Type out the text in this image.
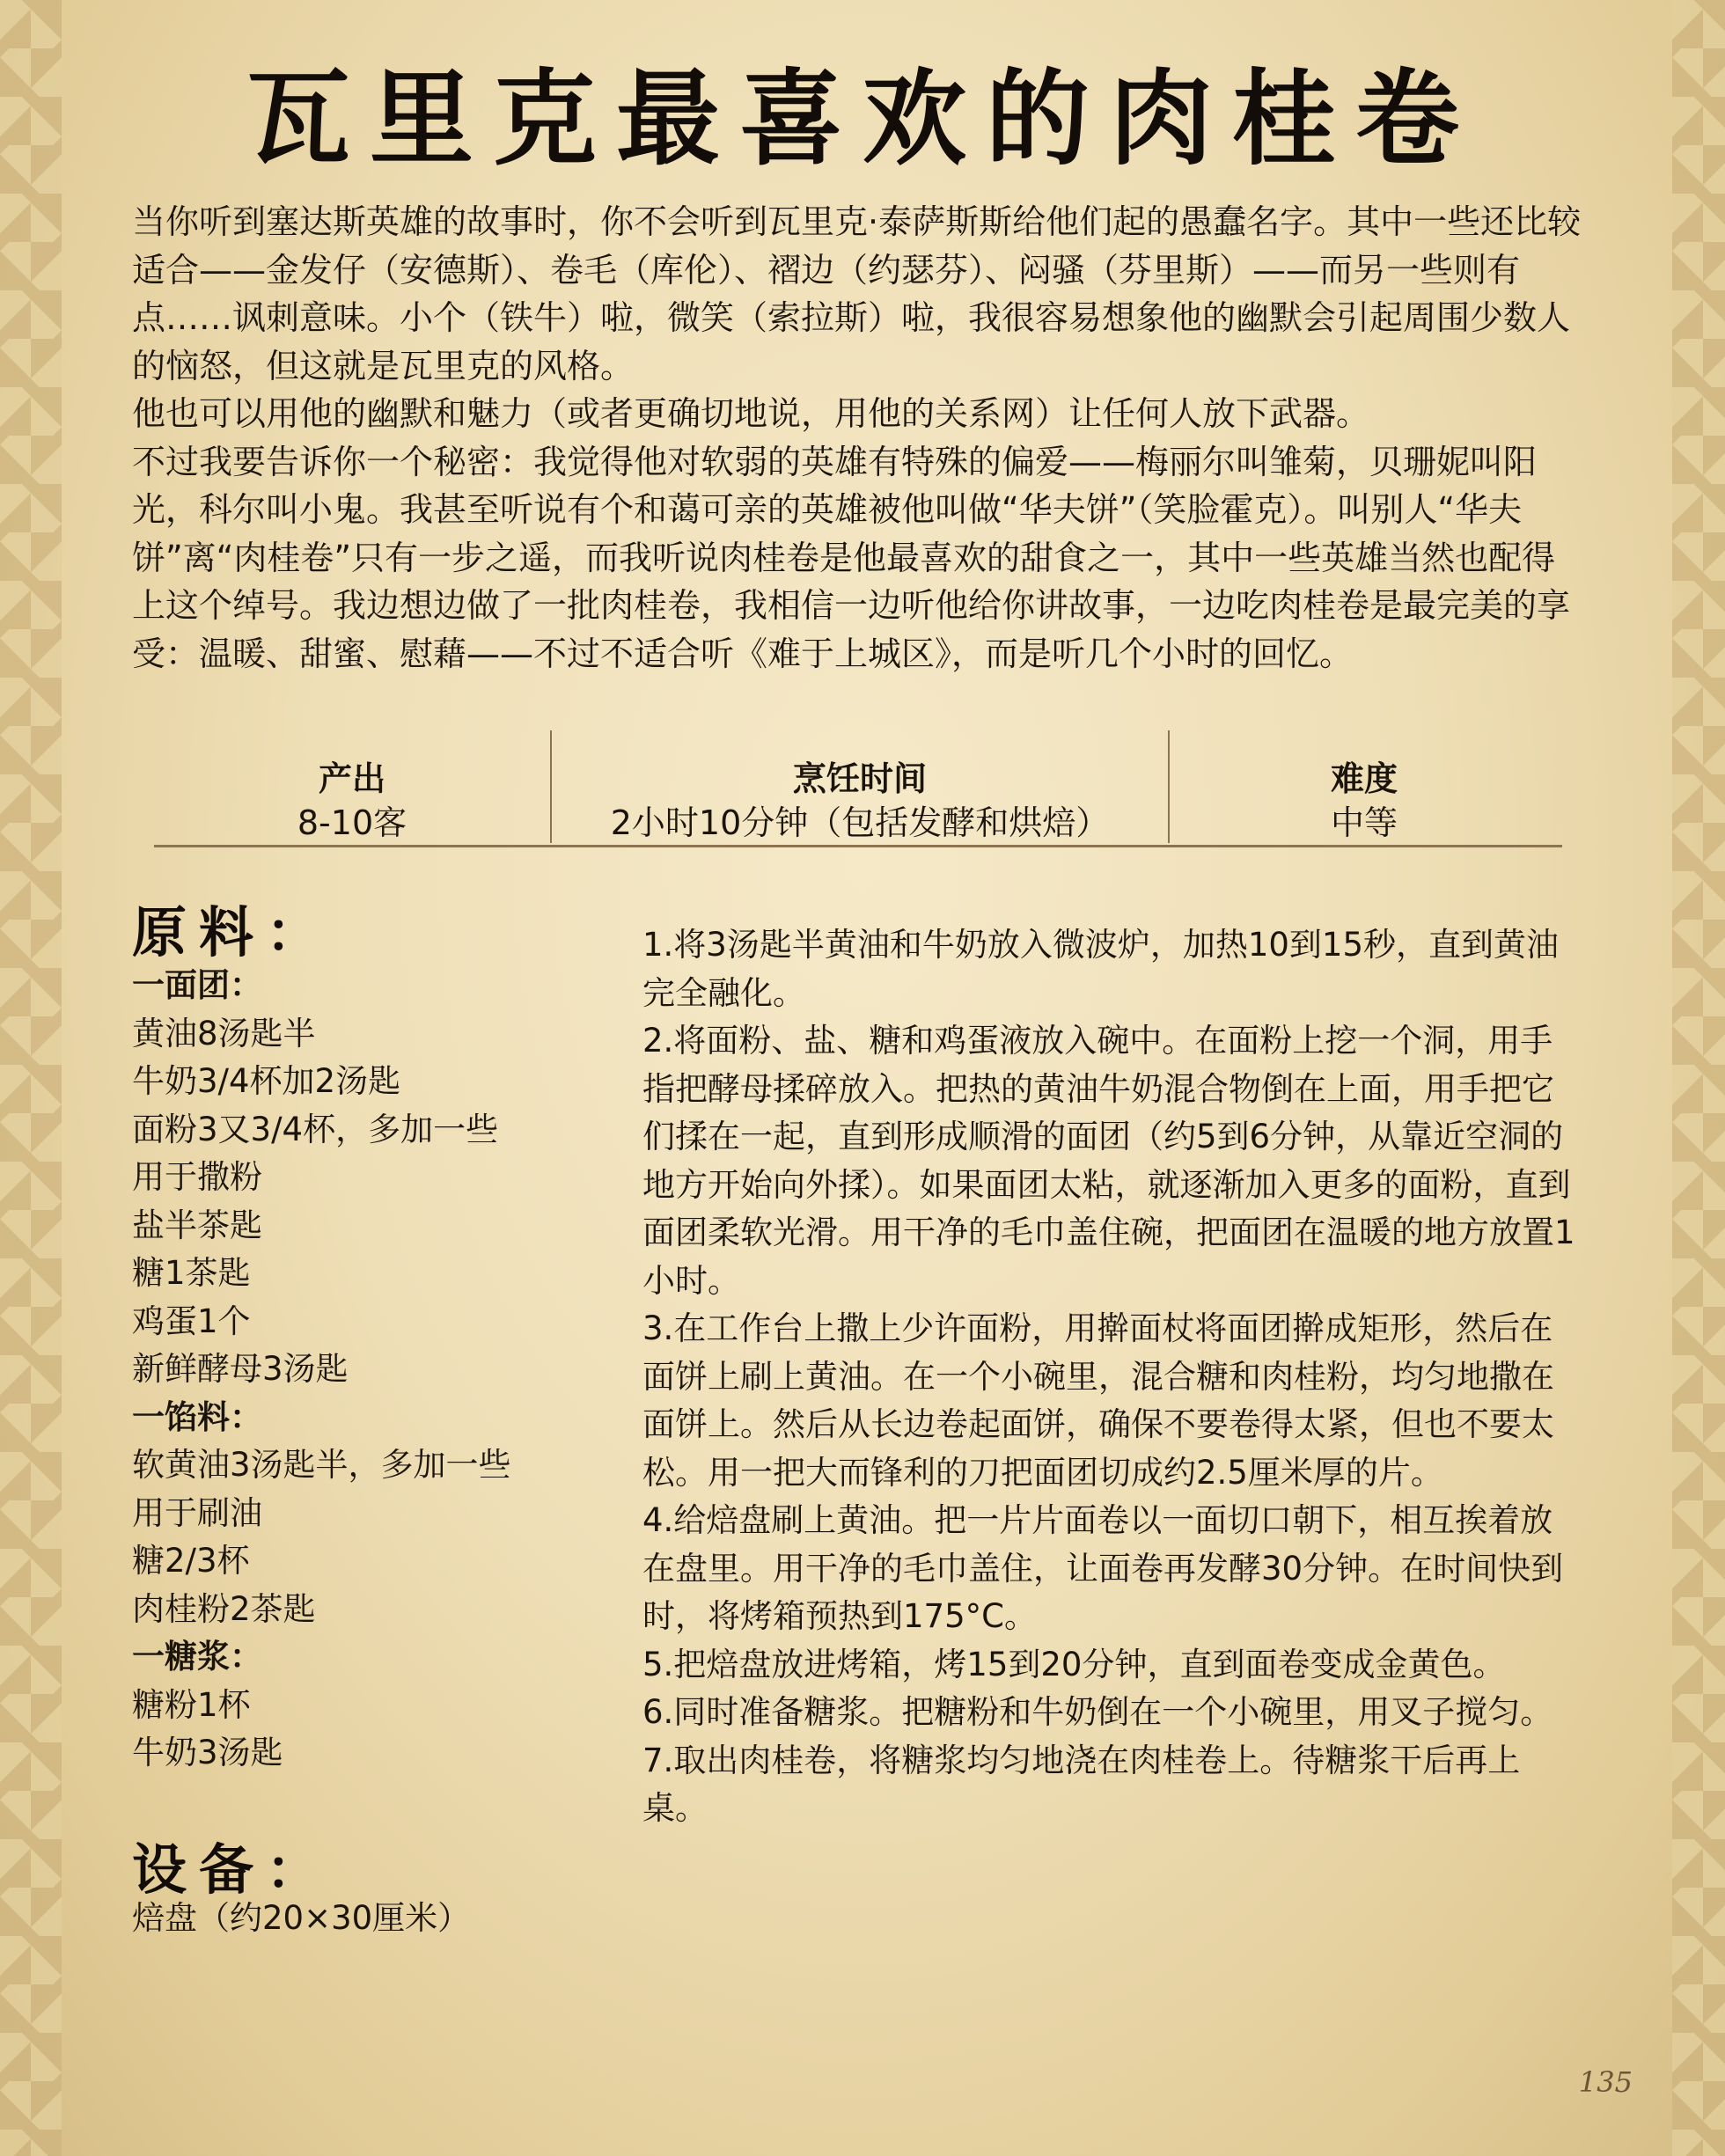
瓦里克最喜欢的肉桂卷

当你听到塞达斯英雄的故事时，你不会听到瓦里克·泰萨斯斯给他们起的愚蠢名字。其中一些还比较适合——金发仔（安德斯）、卷毛（库伦）、褶边（约瑟芬）、闷骚（芬里斯）——而另一些则有点……讽刺意味。小个（铁牛）啦，微笑（索拉斯）啦，我很容易想象他的幽默会引起周围少数人的恼怒，但这就是瓦里克的风格。

他也可以用他的幽默和魅力（或者更确切地说，用他的关系网）让任何人放下武器。

不过我要告诉你一个秘密：我觉得他对软弱的英雄有特殊的偏爱——梅丽尔叫雏菊，贝珊妮叫阳光，科尔叫小鬼。我甚至听说有个和蔼可亲的英雄被他叫做“华夫饼”（笑脸霍克）。叫别人“华夫饼”离“肉桂卷”只有一步之遥，而我听说肉桂卷是他最喜欢的甜食之一，其中一些英雄当然也配得上这个绰号。我边想边做了一批肉桂卷，我相信一边听他给你讲故事，一边吃肉桂卷是最完美的享受：温暖、甜蜜、慰藉——不过不适合听《难于上城区》，而是听几个小时的回忆。

产出
8-10客
烹饪时间
2小时10分钟（包括发酵和烘焙）
难度
中等
原料：
一面团：
黄油8汤匙半
牛奶3/4杯加2汤匙
面粉3又3/4杯，多加一些
用于撒粉
盐半茶匙
糖1茶匙
鸡蛋1个
新鲜酵母3汤匙
一馅料：
软黄油3汤匙半，多加一些
用于刷油
糖2/3杯
肉桂粉2茶匙
一糖浆：
糖粉1杯
牛奶3汤匙
设备：
焙盘（约20×30厘米）
1.将3汤匙半黄油和牛奶放入微波炉，加热10到15秒，直到黄油完全融化。
2.将面粉、盐、糖和鸡蛋液放入碗中。在面粉上挖一个洞，用手指把酵母揉碎放入。把热的黄油牛奶混合物倒在上面，用手把它们揉在一起，直到形成顺滑的面团（约5到6分钟，从靠近空洞的地方开始向外揉）。如果面团太粘，就逐渐加入更多的面粉，直到面团柔软光滑。用干净的毛巾盖住碗，把面团在温暖的地方放置1小时。
3.在工作台上撒上少许面粉，用擀面杖将面团擀成矩形，然后在面饼上刷上黄油。在一个小碗里，混合糖和肉桂粉，均匀地撒在面饼上。然后从长边卷起面饼，确保不要卷得太紧，但也不要太松。用一把大而锋利的刀把面团切成约2.5厘米厚的片。
4.给焙盘刷上黄油。把一片片面卷以一面切口朝下，相互挨着放在盘里。用干净的毛巾盖住，让面卷再发酵30分钟。在时间快到时，将烤箱预热到175°C。
5.把焙盘放进烤箱，烤15到20分钟，直到面卷变成金黄色。
6.同时准备糖浆。把糖粉和牛奶倒在一个小碗里，用叉子搅匀。
7.取出肉桂卷，将糖浆均匀地浇在肉桂卷上。待糖浆干后再上桌。
135
